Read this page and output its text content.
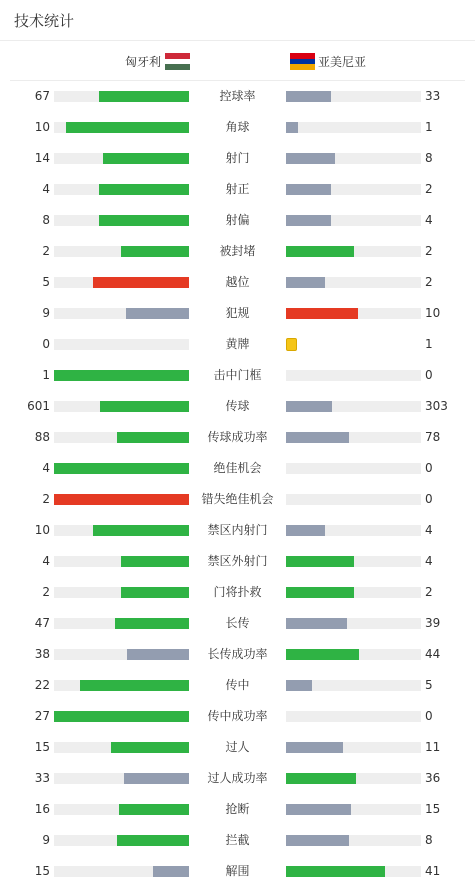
技术统计
匈牙利	亚美尼亚
67	控球率	33
10	角球	1
14	射门	8
4	射正	2
8	射偏	4
2	被封堵	2
5	越位	2
9	犯规	10
0	黄牌	1
1	击中门框	0
601	传球	303
88	传球成功率	78
4	绝佳机会	0
2	错失绝佳机会	0
10	禁区内射门	4
4	禁区外射门	4
2	门将扑救	2
47	长传	39
38	长传成功率	44
22	传中	5
27	传中成功率	0
15	过人	11
33	过人成功率	36
16	抢断	15
9	拦截	8
15	解围	41
